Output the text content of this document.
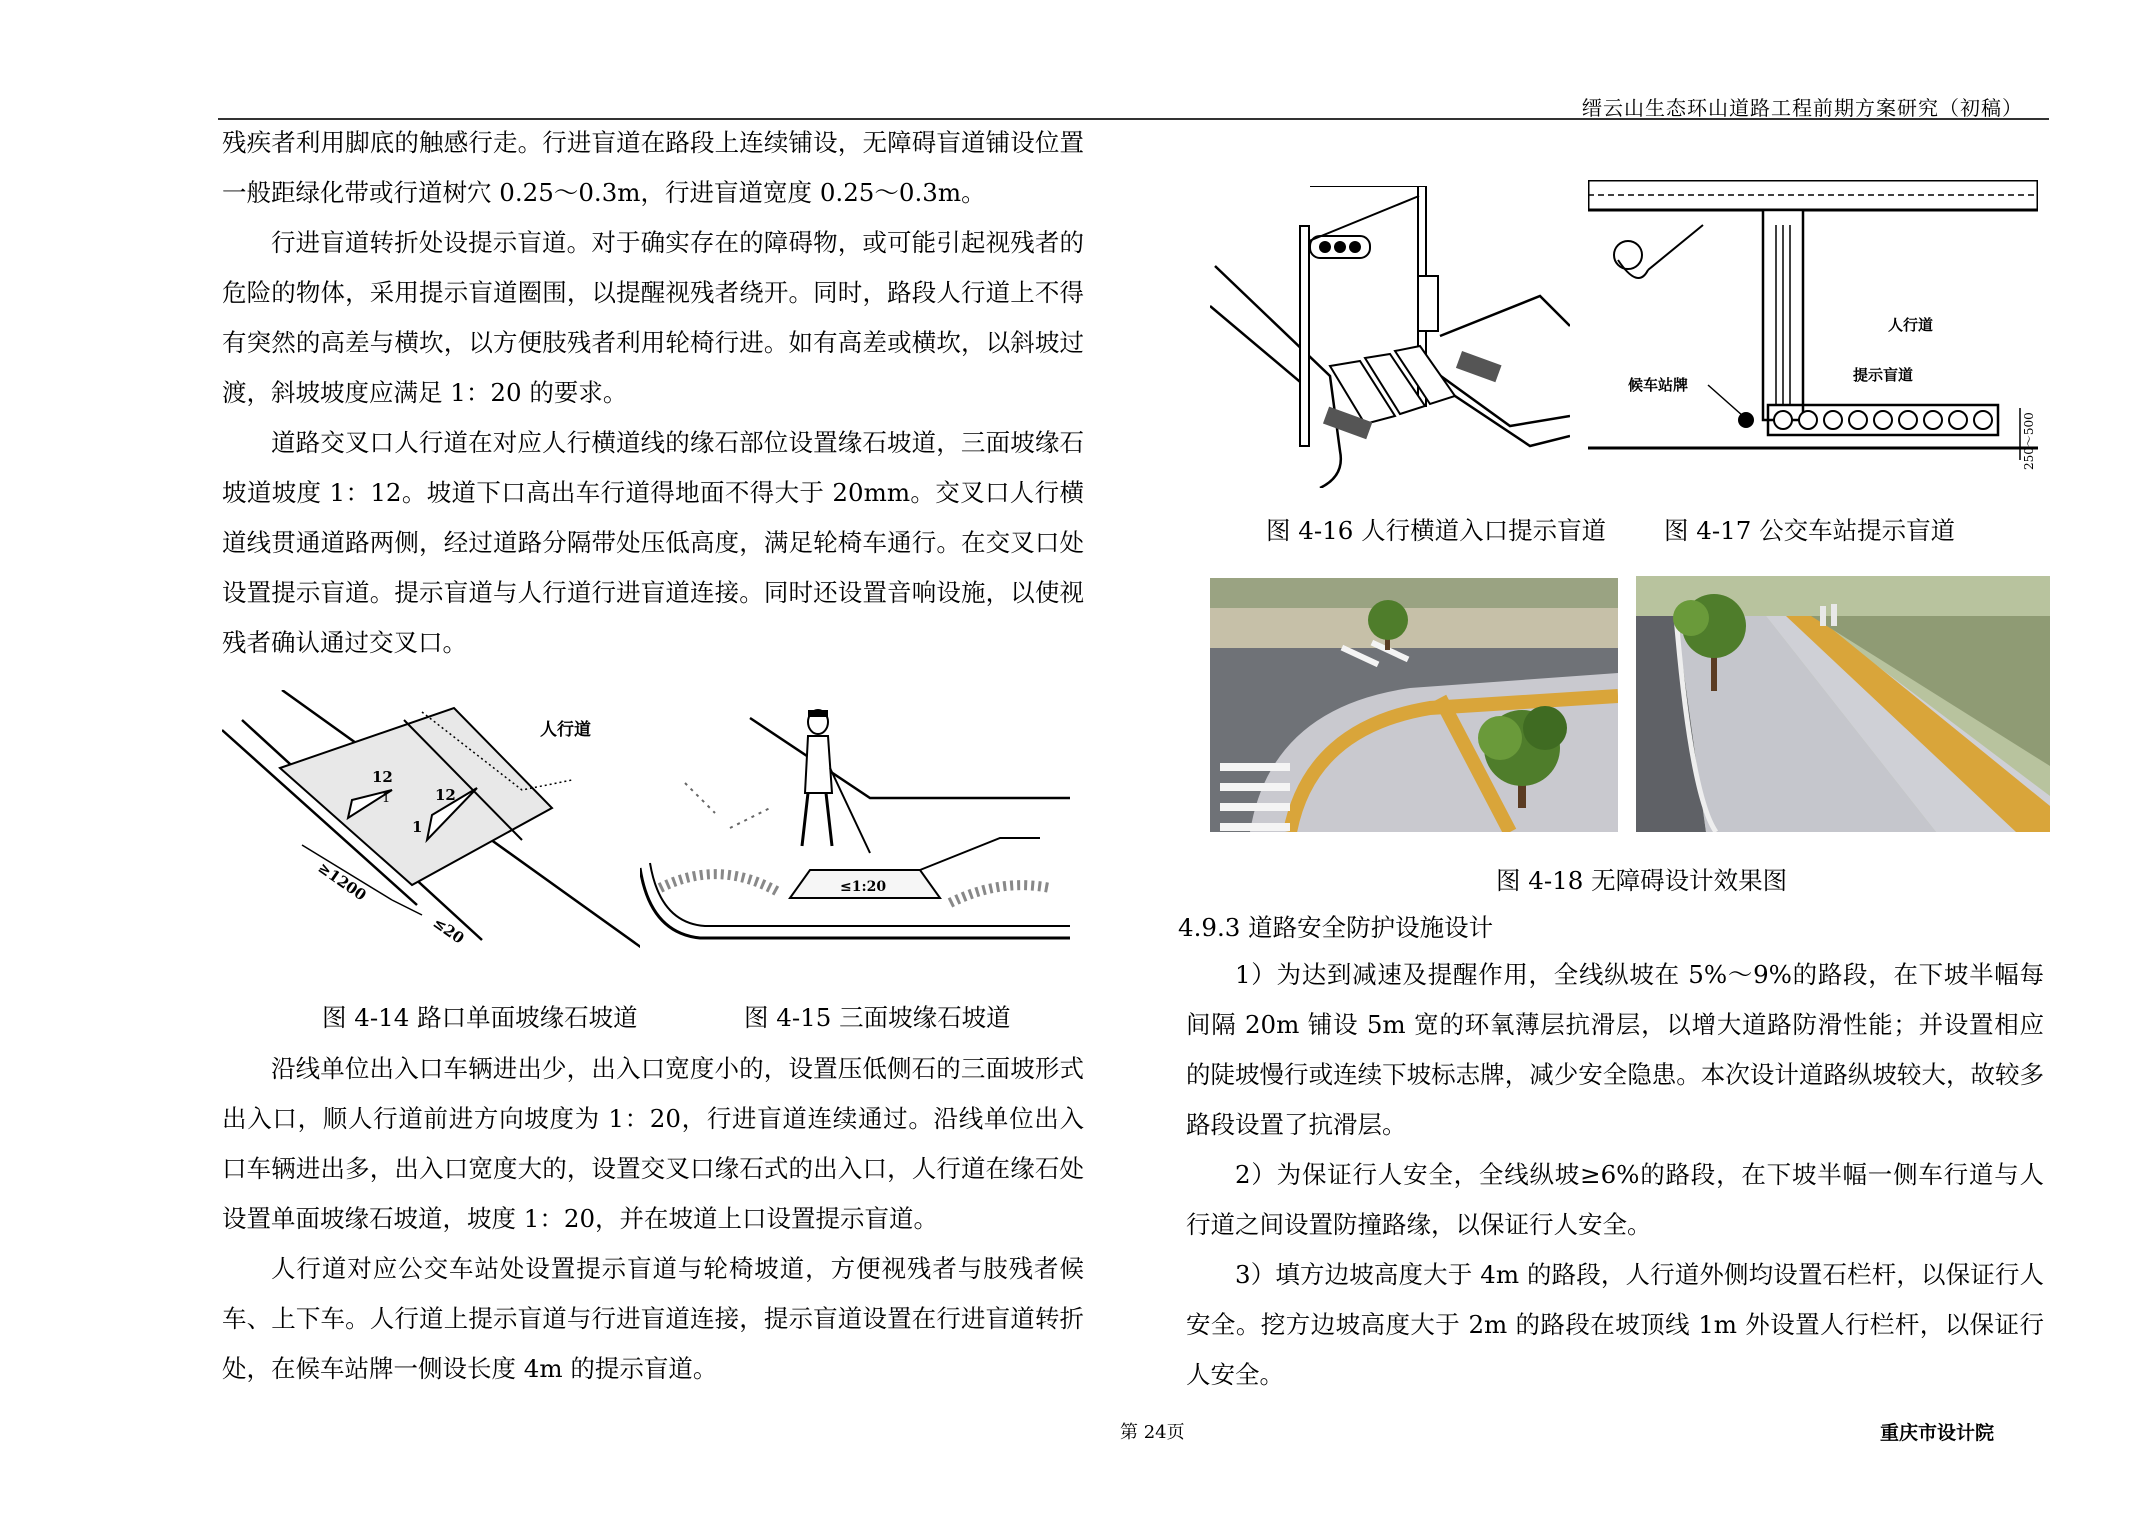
缙云山生态环山道路工程前期方案研究（初稿）

残疾者利用脚底的触感行走。行进盲道在路段上连续铺设，无障碍盲道铺设位置一般距绿化带或行道树穴 0.25～0.3m，行进盲道宽度 0.25～0.3m。

行进盲道转折处设提示盲道。对于确实存在的障碍物，或可能引起视残者的危险的物体，采用提示盲道圈围，以提醒视残者绕开。同时，路段人行道上不得有突然的高差与横坎，以方便肢残者利用轮椅行进。如有高差或横坎，以斜坡过渡，斜坡坡度应满足 1：20 的要求。

道路交叉口人行道在对应人行横道线的缘石部位设置缘石坡道，三面坡缘石坡道坡度 1：12。坡道下口高出车行道得地面不得大于 20mm。交叉口人行横道线贯通道路两侧，经过道路分隔带处压低高度，满足轮椅车通行。在交叉口处设置提示盲道。提示盲道与人行道行进盲道连接。同时还设置音响设施，以使视残者确认通过交叉口。

人行道
12
1	12
1
≥1200
≤20
≤1:20
图 4-14 路口单面坡缘石坡道	图 4-15 三面坡缘石坡道

沿线单位出入口车辆进出少，出入口宽度小的，设置压低侧石的三面坡形式出入口，顺人行道前进方向坡度为 1：20，行进盲道连续通过。沿线单位出入口车辆进出多，出入口宽度大的，设置交叉口缘石式的出入口，人行道在缘石处设置单面坡缘石坡道，坡度 1：20，并在坡道上口设置提示盲道。

人行道对应公交车站处设置提示盲道与轮椅坡道，方便视残者与肢残者候车、上下车。人行道上提示盲道与行进盲道连接，提示盲道设置在行进盲道转折处，在候车站牌一侧设长度 4m 的提示盲道。

人行道
提示盲道
候车站牌
250～500
图 4-16 人行横道入口提示盲道 图 4-17 公交车站提示盲道
图 4-18 无障碍设计效果图
4.9.3 道路安全防护设施设计

1）为达到减速及提醒作用，全线纵坡在 5%～9%的路段，在下坡半幅每间隔 20m 铺设 5m 宽的环氧薄层抗滑层，以增大道路防滑性能；并设置相应的陡坡慢行或连续下坡标志牌，减少安全隐患。本次设计道路纵坡较大，故较多路段设置了抗滑层。

2）为保证行人安全，全线纵坡≥6%的路段，在下坡半幅一侧车行道与人行道之间设置防撞路缘，以保证行人安全。

3）填方边坡高度大于 4m 的路段，人行道外侧均设置石栏杆，以保证行人安全。挖方边坡高度大于 2m 的路段在坡顶线 1m 外设置人行栏杆，以保证行人安全。

第 24页	重庆市设计院
